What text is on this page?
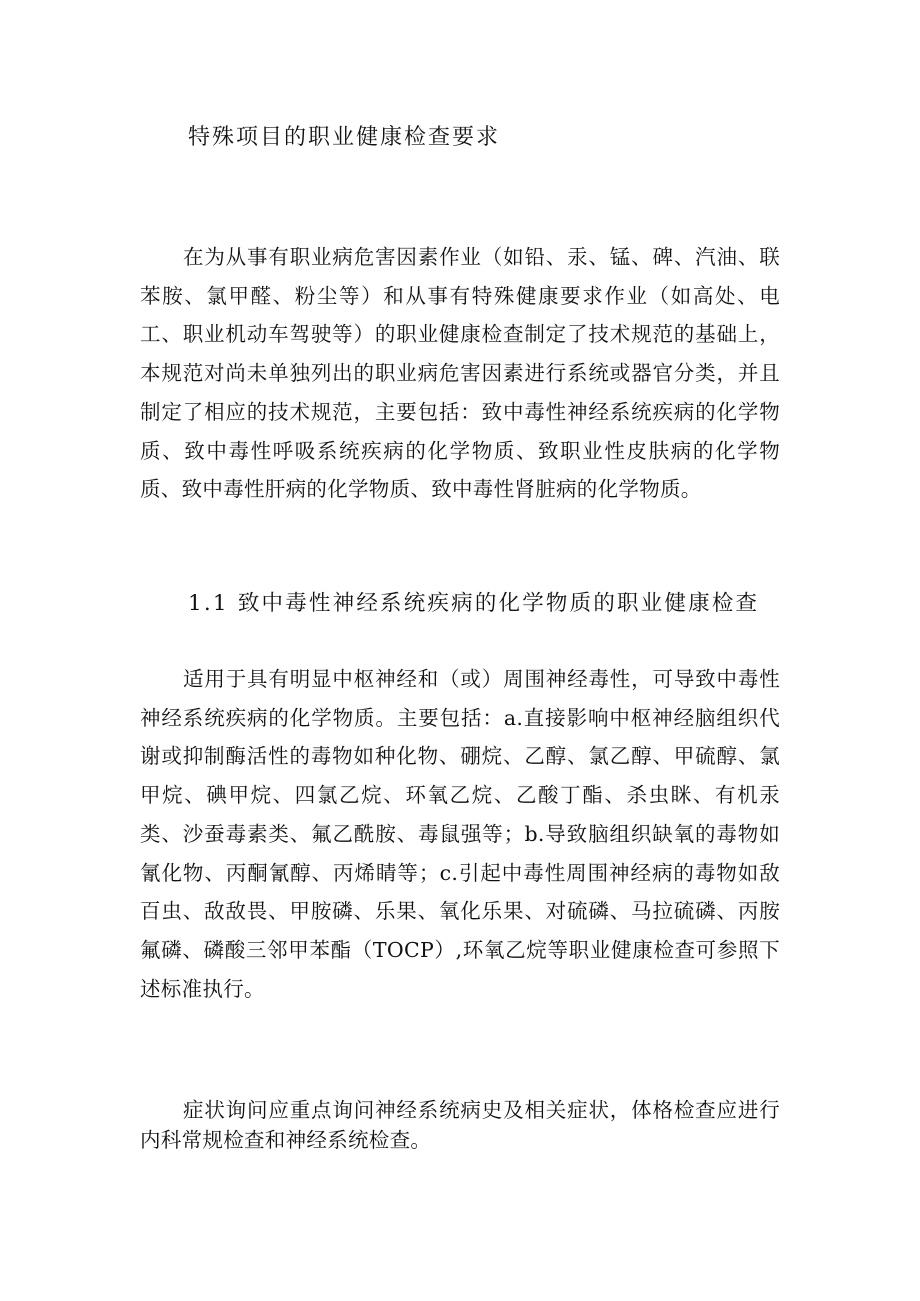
特殊项目的职业健康检查要求
在为从事有职业病危害因素作业（如铅、汞、锰、碑、汽油、联苯胺、氯甲醛、粉尘等）和从事有特殊健康要求作业（如高处、电工、职业机动车驾驶等）的职业健康检查制定了技术规范的基础上，本规范对尚未单独列出的职业病危害因素进行系统或器官分类，并且制定了相应的技术规范，主要包括：致中毒性神经系统疾病的化学物质、致中毒性呼吸系统疾病的化学物质、致职业性皮肤病的化学物质、致中毒性肝病的化学物质、致中毒性肾脏病的化学物质。
1.1 致中毒性神经系统疾病的化学物质的职业健康检查
适用于具有明显中枢神经和（或）周围神经毒性，可导致中毒性神经系统疾病的化学物质。主要包括：a.直接影响中枢神经脑组织代谢或抑制酶活性的毒物如种化物、硼烷、乙醇、氯乙醇、甲硫醇、氯甲烷、碘甲烷、四氯乙烷、环氧乙烷、乙酸丁酯、杀虫眯、有机汞类、沙蚕毒素类、氟乙酰胺、毒鼠强等；b.导致脑组织缺氧的毒物如氰化物、丙酮氰醇、丙烯睛等；c.引起中毒性周围神经病的毒物如敌百虫、敌敌畏、甲胺磷、乐果、氧化乐果、对硫磷、马拉硫磷、丙胺氟磷、磷酸三邻甲苯酯（TOCP）,环氧乙烷等职业健康检查可参照下述标准执行。
症状询问应重点询问神经系统病史及相关症状，体格检查应进行内科常规检查和神经系统检查。
